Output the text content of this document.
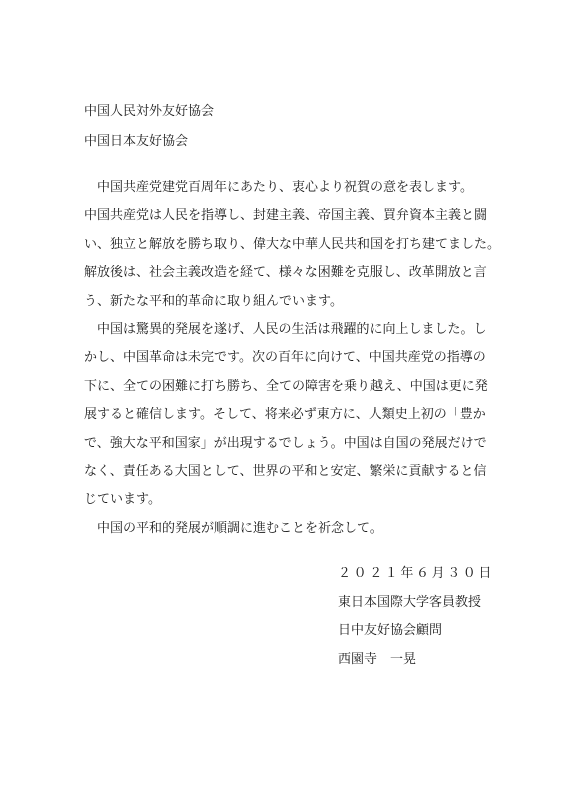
中国人民対外友好協会
中国日本友好協会
中国共産党建党百周年にあたり、衷心より祝賀の意を表します。
中国共産党は人民を指導し、封建主義、帝国主義、買弁資本主義と闘
い、独立と解放を勝ち取り、偉大な中華人民共和国を打ち建てました。
解放後は、社会主義改造を経て、様々な困難を克服し、改革開放と言
う、新たな平和的革命に取り組んでいます。
中国は驚異的発展を遂げ、人民の生活は飛躍的に向上しました。し
かし、中国革命は未完です。次の百年に向けて、中国共産党の指導の
下に、全ての困難に打ち勝ち、全ての障害を乗り越え、中国は更に発
展すると確信します。そして、将来必ず東方に、人類史上初の「豊か
で、強大な平和国家」が出現するでしょう。中国は自国の発展だけで
なく、責任ある大国として、世界の平和と安定、繁栄に貢献すると信
じています。
中国の平和的発展が順調に進むことを祈念して。
２０２１年６月３０日
東日本国際大学客員教授
日中友好協会顧問
西園寺　一晃
